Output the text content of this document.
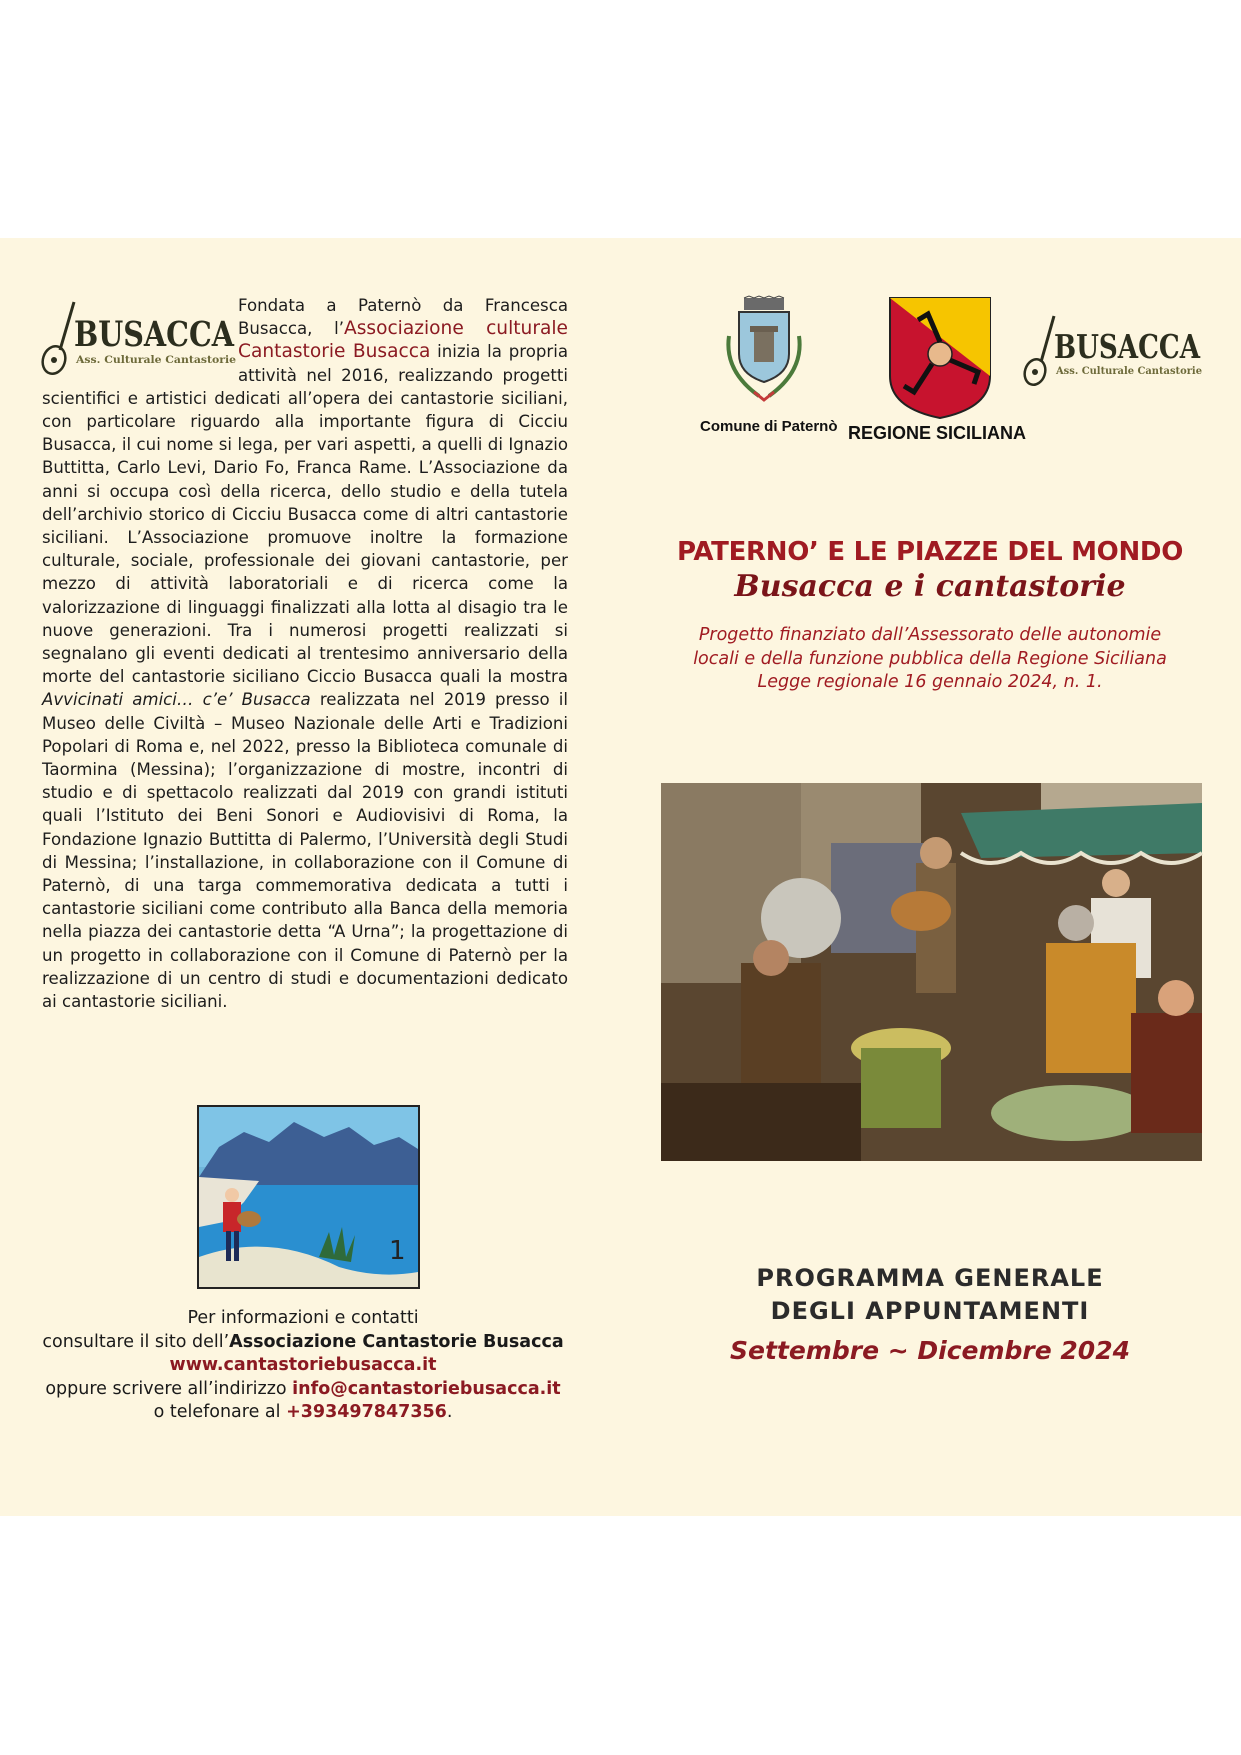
BUSACCA
Ass. Culturale Cantastorie
Fondata a Paternò da Francesca Busacca, l’Associazione culturale Cantastorie Busacca inizia la propria attività nel 2016, realizzando progetti scientifici e artistici dedicati all’opera dei cantastorie siciliani, con particolare riguardo alla importante figura di Cicciu Busacca, il cui nome si lega, per vari aspetti, a quelli di Ignazio Buttitta, Carlo Levi, Dario Fo, Franca Rame. L’Associazione da anni si occupa così della ricerca, dello studio e della tutela dell’archivio storico di Cicciu Busacca come di altri cantastorie siciliani. L’Associazione promuove inoltre la formazione culturale, sociale, professionale dei giovani cantastorie, per mezzo di attività laboratoriali e di ricerca come la valorizzazione di linguaggi finalizzati alla lotta al disagio tra le nuove generazioni. Tra i numerosi progetti realizzati si segnalano gli eventi dedicati al trentesimo anniversario della morte del cantastorie siciliano Ciccio Busacca quali la mostra Avvicinati amici… c’e’ Busacca realizzata nel 2019 presso il Museo delle Civiltà – Museo Nazionale delle Arti e Tradizioni Popolari di Roma e, nel 2022, presso la Biblioteca comunale di Taormina (Messina); l’organizzazione di mostre, incontri di studio e di spettacolo realizzati dal 2019 con grandi istituti quali l’Istituto dei Beni Sonori e Audiovisivi di Roma, la Fondazione Ignazio Buttitta di Palermo, l’Università degli Studi di Messina; l’installazione, in collaborazione con il Comune di Paternò, di una targa commemorativa dedicata a tutti i cantastorie siciliani come contributo alla Banca della memoria nella piazza dei cantastorie detta “A Urna”; la progettazione di un progetto in collaborazione con il Comune di Paternò per la realizzazione di un centro di studi e documentazioni dedicato ai cantastorie siciliani.
1
Per informazioni e contatti
consultare il sito dell’Associazione Cantastorie Busacca
www.cantastoriebusacca.it
oppure scrivere all’indirizzo info@cantastoriebusacca.it
o telefonare al +393497847356.
Comune di Paternò REGIONE SICILIANA
BUSACCA
Ass. Culturale Cantastorie
PATERNO’ E LE PIAZZE DEL MONDO
Busacca e i cantastorie
Progetto finanziato dall’Assessorato delle autonomie
locali e della funzione pubblica della Regione Siciliana
Legge regionale 16 gennaio 2024, n. 1.
PROGRAMMA GENERALE
DEGLI APPUNTAMENTI
Settembre ~ Dicembre 2024
